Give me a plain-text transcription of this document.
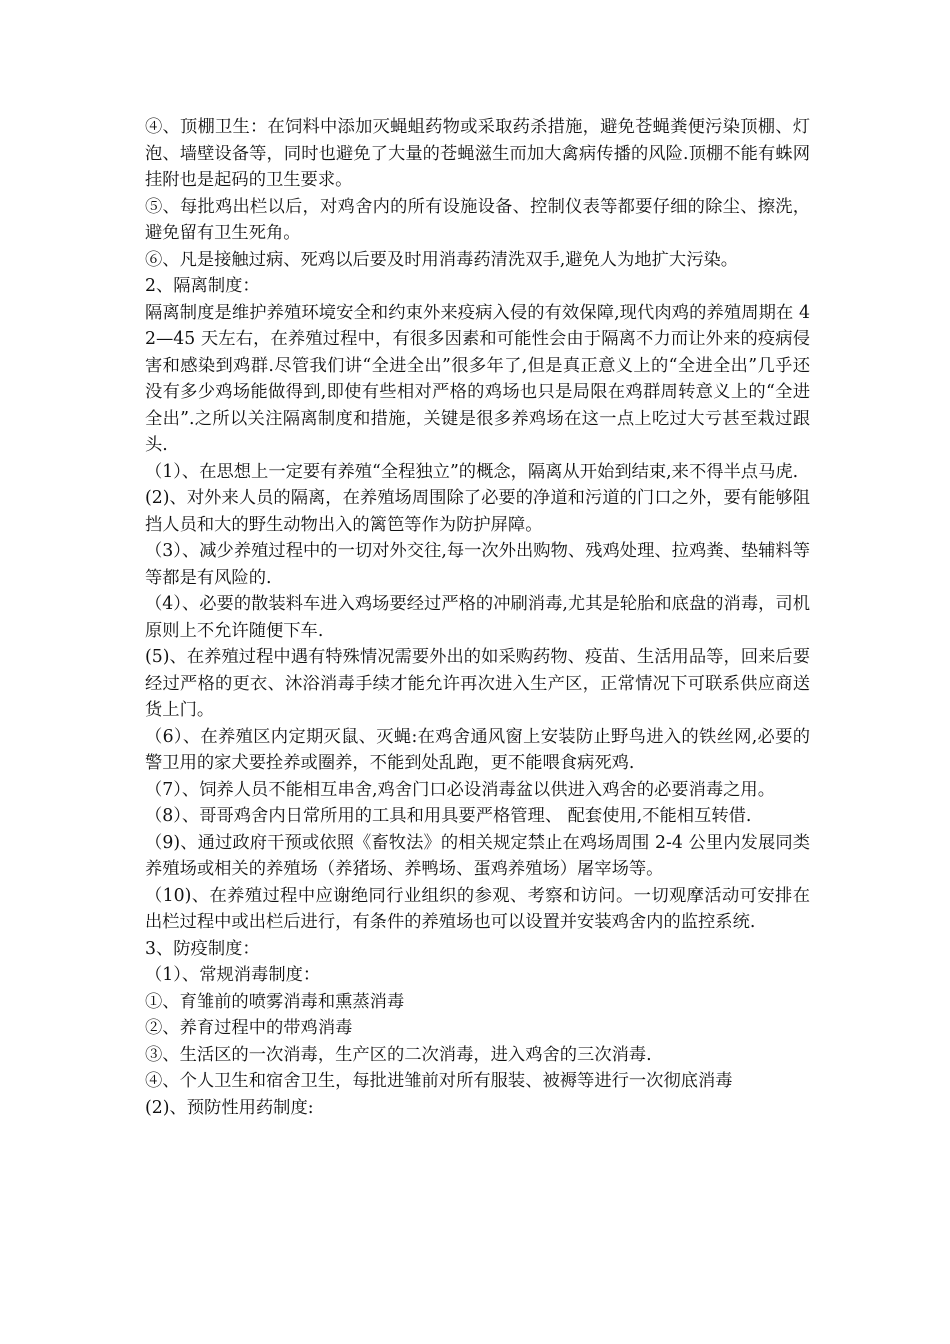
④、顶棚卫生：在饲料中添加灭蝇蛆药物或采取药杀措施，避免苍蝇粪便污染顶棚、灯泡、墙壁设备等，同时也避免了大量的苍蝇滋生而加大禽病传播的风险.顶棚不能有蛛网挂附也是起码的卫生要求。

⑤、每批鸡出栏以后，对鸡舍内的所有设施设备、控制仪表等都要仔细的除尘、擦洗，避免留有卫生死角。

⑥、凡是接触过病、死鸡以后要及时用消毒药清洗双手,避免人为地扩大污染。

2、隔离制度：

隔离制度是维护养殖环境安全和约束外来疫病入侵的有效保障,现代肉鸡的养殖周期在 42—45 天左右，在养殖过程中，有很多因素和可能性会由于隔离不力而让外来的疫病侵害和感染到鸡群.尽管我们讲“全进全出”很多年了,但是真正意义上的“全进全出”几乎还没有多少鸡场能做得到,即使有些相对严格的鸡场也只是局限在鸡群周转意义上的“全进全出”.之所以关注隔离制度和措施，关键是很多养鸡场在这一点上吃过大亏甚至栽过跟头.

（1）、在思想上一定要有养殖“全程独立”的概念，隔离从开始到结束,来不得半点马虎.

(2)、对外来人员的隔离，在养殖场周围除了必要的净道和污道的门口之外，要有能够阻挡人员和大的野生动物出入的篱笆等作为防护屏障。

（3）、减少养殖过程中的一切对外交往,每一次外出购物、残鸡处理、拉鸡粪、垫辅料等等都是有风险的.

（4）、必要的散装料车进入鸡场要经过严格的冲刷消毒,尤其是轮胎和底盘的消毒，司机原则上不允许随便下车.

(5)、在养殖过程中遇有特殊情况需要外出的如采购药物、疫苗、生活用品等，回来后要经过严格的更衣、沐浴消毒手续才能允许再次进入生产区，正常情况下可联系供应商送货上门。

（6）、在养殖区内定期灭鼠、灭蝇:在鸡舍通风窗上安装防止野鸟进入的铁丝网,必要的警卫用的家犬要拴养或圈养，不能到处乱跑，更不能喂食病死鸡.

（7）、饲养人员不能相互串舍,鸡舍门口必设消毒盆以供进入鸡舍的必要消毒之用。

（8）、哥哥鸡舍内日常所用的工具和用具要严格管理、 配套使用,不能相互转借.

（9)、通过政府干预或依照《畜牧法》的相关规定禁止在鸡场周围 2-4 公里内发展同类养殖场或相关的养殖场（养猪场、养鸭场、蛋鸡养殖场）屠宰场等。

（10)、在养殖过程中应谢绝同行业组织的参观、考察和访问。一切观摩活动可安排在出栏过程中或出栏后进行，有条件的养殖场也可以设置并安装鸡舍内的监控系统.

3、防疫制度：

（1）、常规消毒制度：

①、育雏前的喷雾消毒和熏蒸消毒

②、养育过程中的带鸡消毒

③、生活区的一次消毒，生产区的二次消毒，进入鸡舍的三次消毒.

④、个人卫生和宿舍卫生，每批进雏前对所有服装、被褥等进行一次彻底消毒

(2)、预防性用药制度:
